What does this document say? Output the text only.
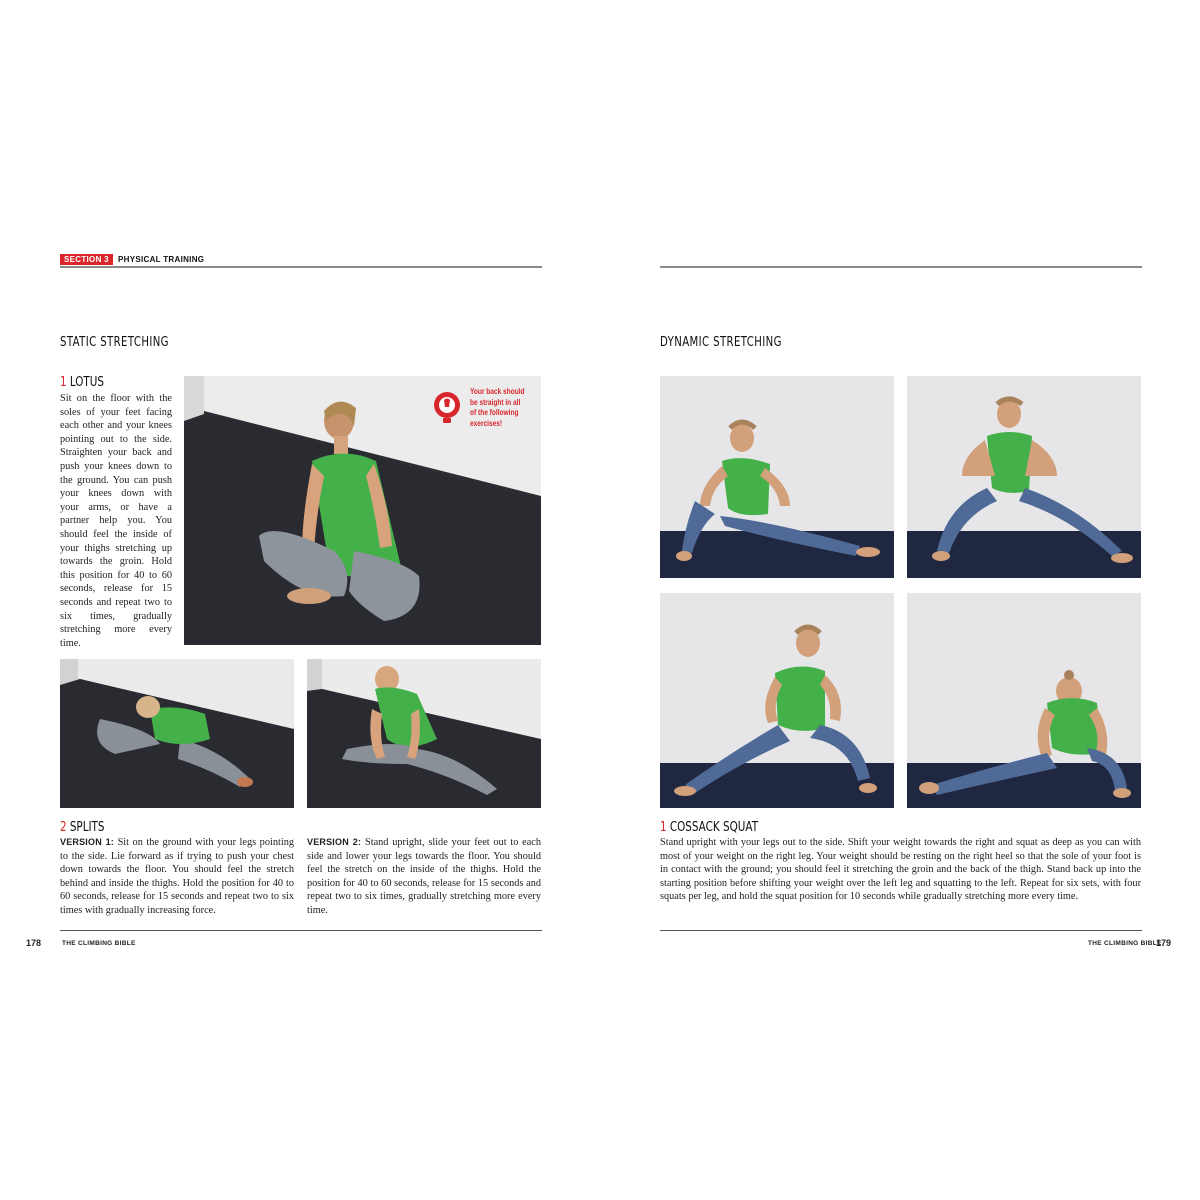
SECTION 3	PHYSICAL TRAINING
STATIC STRETCHING
1 LOTUS
Sit on the floor with the soles of your feet facing each other and your knees pointing out to the side. Straighten your back and push your knees down to the ground. You can push your knees down with your arms, or have a partner help you. You should feel the inside of your thighs stretching up towards the groin. Hold this position for 40 to 60 seconds, release for 15 seconds and repeat two to six times, gradually stretching more every time.
Your back should be straight in all of the following exercises!
2 SPLITS
VERSION 1: Sit on the ground with your legs pointing to the side. Lie forward as if trying to push your chest down towards the floor. You should feel the stretch behind and inside the thighs. Hold the position for 40 to 60 seconds, release for 15 seconds and repeat two to six times with gradually increasing force.
VERSION 2: Stand upright, slide your feet out to each side and lower your legs towards the floor. You should feel the stretch on the inside of the thighs. Hold the position for 40 to 60 seconds, release for 15 seconds and repeat two to six times, gradually stretching more every time.
178	THE CLIMBING BIBLE
DYNAMIC STRETCHING
1 COSSACK SQUAT
Stand upright with your legs out to the side. Shift your weight towards the right and squat as deep as you can with most of your weight on the right leg. Your weight should be resting on the right heel so that the sole of your foot is in contact with the ground; you should feel it stretching the groin and the back of the thigh. Stand back up into the starting position before shifting your weight over the left leg and squatting to the left. Repeat for six sets, with four squats per leg, and hold the squat position for 10 seconds while gradually stretching more every time.
THE CLIMBING BIBLE
179
